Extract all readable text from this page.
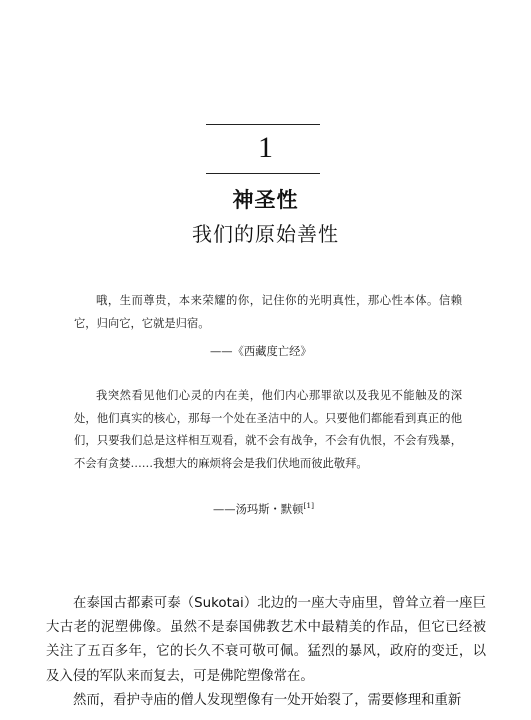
1
神圣性
我们的原始善性
哦，生而尊贵，本来荣耀的你，记住你的光明真性，那心性本体。信赖它，归向它，它就是归宿。
——《西藏度亡经》
我突然看见他们心灵的内在美，他们内心那罪欲以及我见不能触及的深处，他们真实的核心，那每一个处在圣洁中的人。只要他们都能看到真正的他们，只要我们总是这样相互观看，就不会有战争，不会有仇恨，不会有残暴，不会有贪婪……我想大的麻烦将会是我们伏地而彼此敬拜。
——汤玛斯・默顿[1]
在泰国古都素可泰（Sukotai）北边的一座大寺庙里，曾耸立着一座巨大古老的泥塑佛像。虽然不是泰国佛教艺术中最精美的作品，但它已经被关注了五百多年，它的长久不衰可敬可佩。猛烈的暴风，政府的变迁，以及入侵的军队来而复去，可是佛陀塑像常在。
然而，看护寺庙的僧人发现塑像有一处开始裂了，需要修理和重新
